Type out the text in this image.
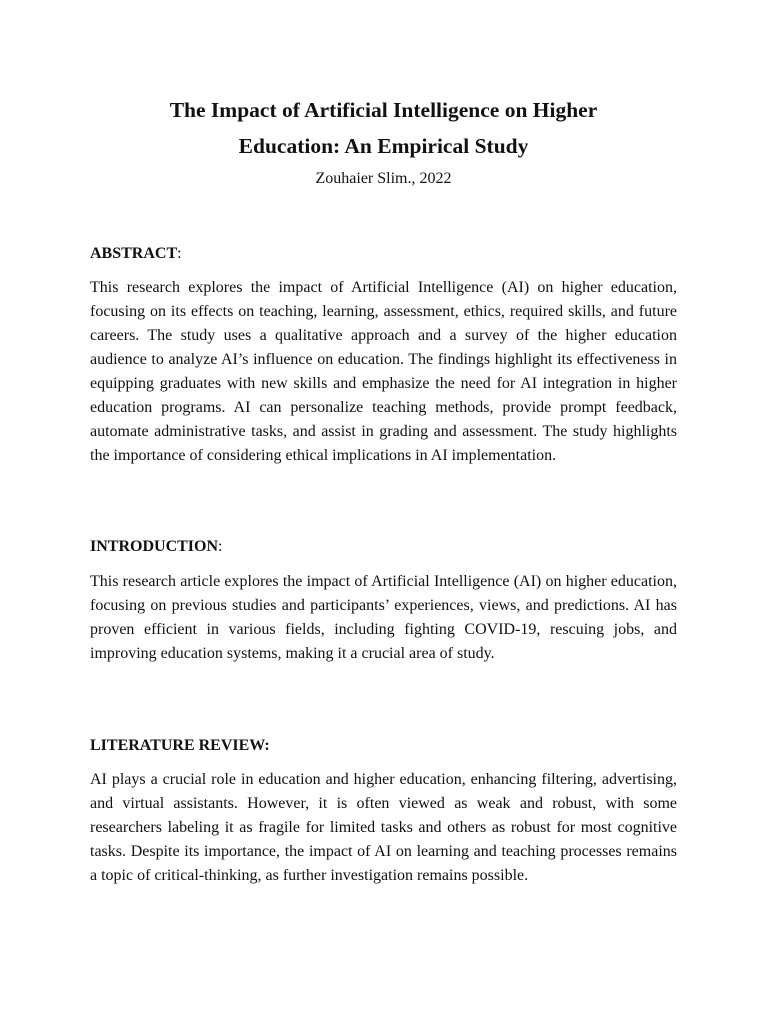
The Impact of Artificial Intelligence on Higher
Education: An Empirical Study
Zouhaier Slim., 2022
ABSTRACT:

This research explores the impact of Artificial Intelligence (AI) on higher education, focusing on its effects on teaching, learning, assessment, ethics, required skills, and future careers. The study uses a qualitative approach and a survey of the higher education audience to analyze AI’s influence on education. The findings highlight its effectiveness in equipping graduates with new skills and emphasize the need for AI integration in higher education programs. AI can personalize teaching methods, provide prompt feedback, automate administrative tasks, and assist in grading and assessment. The study highlights the importance of considering ethical implications in AI implementation.

INTRODUCTION:

This research article explores the impact of Artificial Intelligence (AI) on higher education, focusing on previous studies and participants’ experiences, views, and predictions. AI has proven efficient in various fields, including fighting COVID-19, rescuing jobs, and improving education systems, making it a crucial area of study.

LITERATURE REVIEW:

AI plays a crucial role in education and higher education, enhancing filtering, advertising, and virtual assistants. However, it is often viewed as weak and robust, with some researchers labeling it as fragile for limited tasks and others as robust for most cognitive tasks. Despite its importance, the impact of AI on learning and teaching processes remains a topic of critical-thinking, as further investigation remains possible.
